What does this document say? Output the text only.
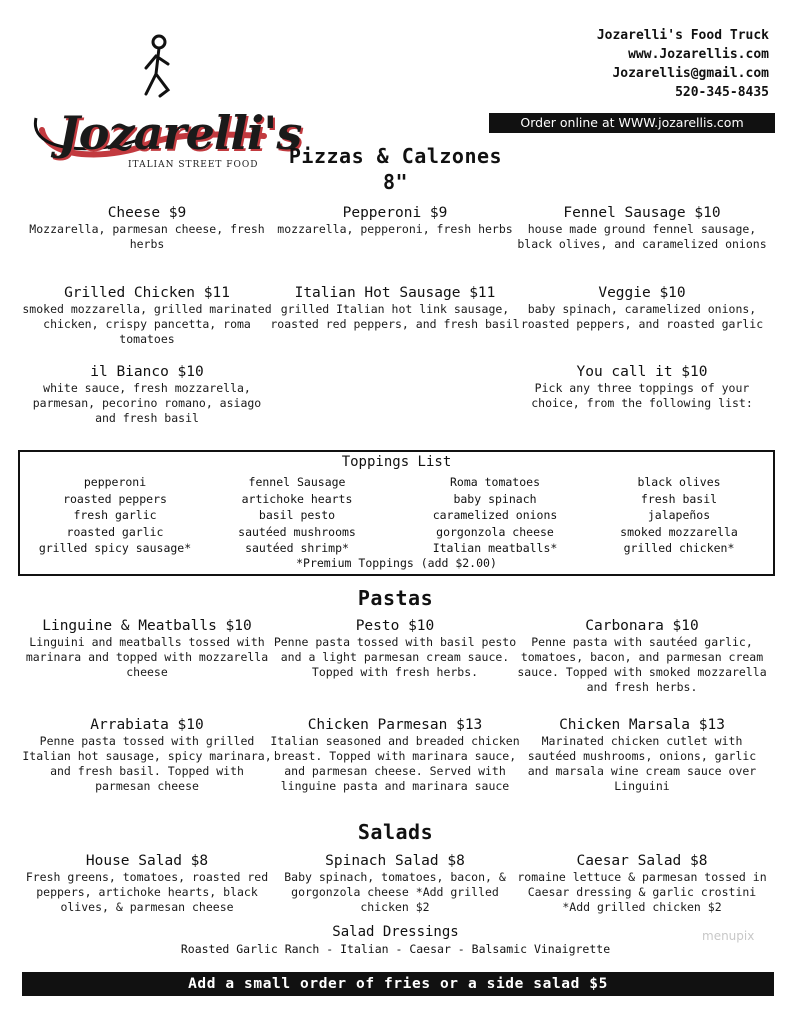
Jozarelli's
ITALIAN STREET FOOD
Jozarelli's Food Truck
www.Jozarellis.com
Jozarellis@gmail.com
520-345-8435
Order online at WWW.jozarellis.com
Pizzas & Calzones
8"
Cheese $9
Mozzarella, parmesan cheese, fresh herbs
Pepperoni $9
mozzarella, pepperoni, fresh herbs
Fennel Sausage $10
house made ground fennel sausage, black olives, and caramelized onions
Grilled Chicken $11
smoked mozzarella, grilled marinated chicken, crispy pancetta, roma tomatoes
Italian Hot Sausage $11
grilled Italian hot link sausage, roasted red peppers, and fresh basil
Veggie $10
baby spinach, caramelized onions, roasted peppers, and roasted garlic
il Bianco $10
white sauce, fresh mozzarella, parmesan, pecorino romano, asiago and fresh basil
You call it $10
Pick any three toppings of your choice, from the following list:
Toppings List
pepperoni
roasted peppers
fresh garlic
roasted garlic
grilled spicy sausage*
fennel Sausage
artichoke hearts
basil pesto
sautéed mushrooms
sautéed shrimp*
Roma tomatoes
baby spinach
caramelized onions
gorgonzola cheese
Italian meatballs*
black olives
fresh basil
jalapeños
smoked mozzarella
grilled chicken*
*Premium Toppings (add $2.00)
Pastas
Linguine & Meatballs $10
Linguini and meatballs tossed with marinara and topped with mozzarella cheese
Pesto $10
Penne pasta tossed with basil pesto and a light parmesan cream sauce. Topped with fresh herbs.
Carbonara $10
Penne pasta with sautéed garlic, tomatoes, bacon, and parmesan cream sauce. Topped with smoked mozzarella and fresh herbs.
Arrabiata $10
Penne pasta tossed with grilled Italian hot sausage, spicy marinara, and fresh basil. Topped with parmesan cheese
Chicken Parmesan $13
Italian seasoned and breaded chicken breast. Topped with marinara sauce, and parmesan cheese. Served with linguine pasta and marinara sauce
Chicken Marsala $13
Marinated chicken cutlet with sautéed mushrooms, onions, garlic and marsala wine cream sauce over Linguini
Salads
House Salad $8
Fresh greens, tomatoes, roasted red peppers, artichoke hearts, black olives, & parmesan cheese
Spinach Salad $8
Baby spinach, tomatoes, bacon, & gorgonzola cheese *Add grilled chicken $2
Caesar Salad $8
romaine lettuce & parmesan tossed in Caesar dressing & garlic crostini *Add grilled chicken $2
Salad Dressings
Roasted Garlic Ranch - Italian - Caesar - Balsamic Vinaigrette
menupix
Add a small order of fries or a side salad $5
